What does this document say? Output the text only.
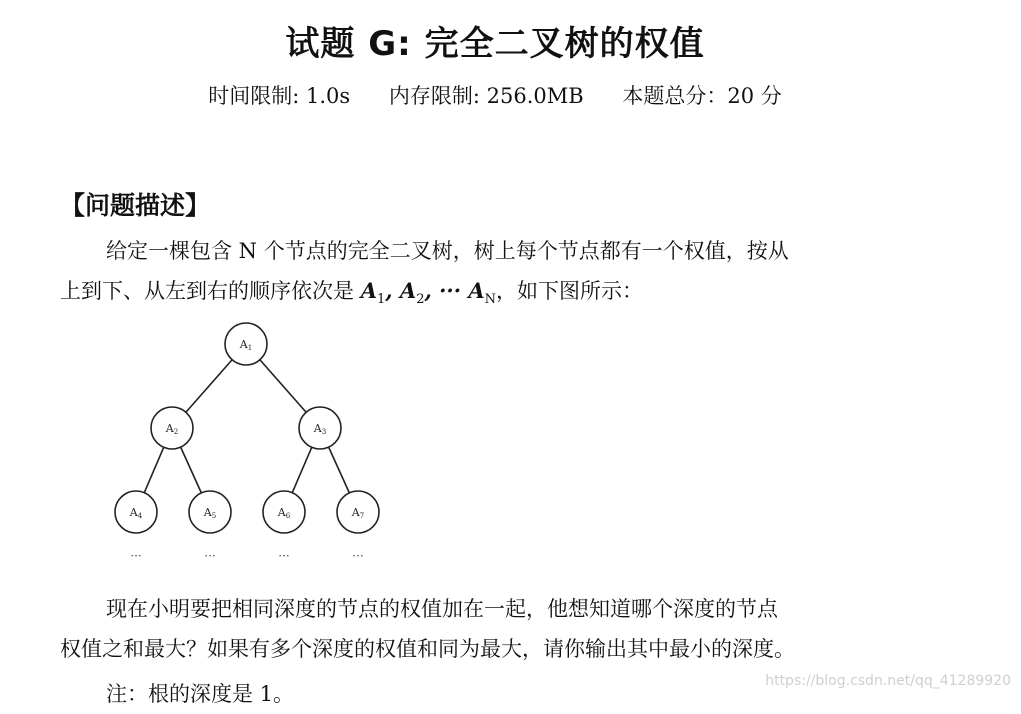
试题 G: 完全二叉树的权值
时间限制: 1.0s 内存限制: 256.0MB 本题总分：20 分
【问题描述】
给定一棵包含 N 个节点的完全二叉树，树上每个节点都有一个权值，按从
上到下、从左到右的顺序依次是 $A_1$, $A_2$, ··· $A_N$，如下图所示：
A1
A2	A3
A4	A5	A6	A7
···	···	···	···
现在小明要把相同深度的节点的权值加在一起，他想知道哪个深度的节点
权值之和最大？如果有多个深度的权值和同为最大，请你输出其中最小的深度。
注：根的深度是 1。
https://blog.csdn.net/qq_41289920
